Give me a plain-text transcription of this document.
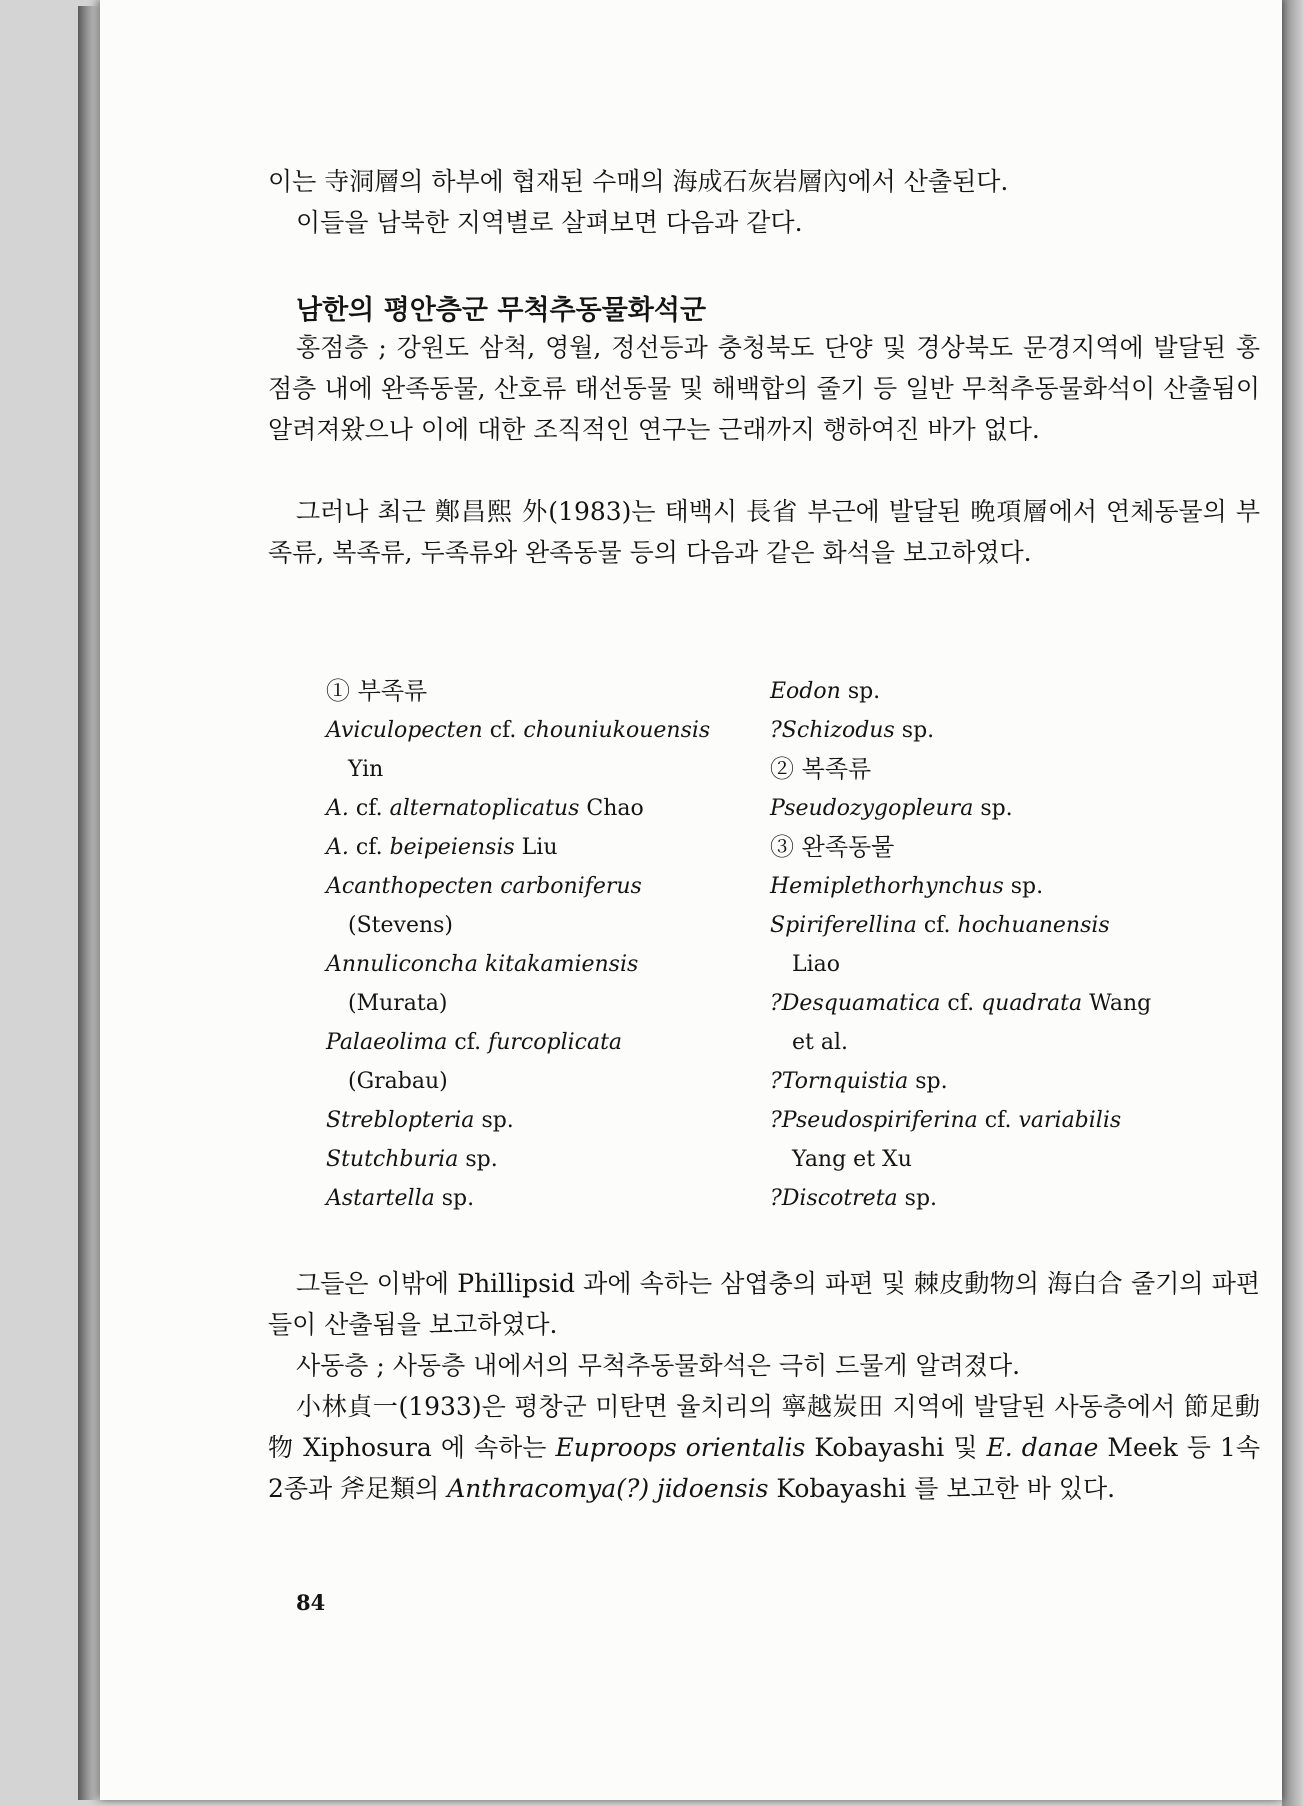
이는 寺洞層의 하부에 협재된 수매의 海成石灰岩層內에서 산출된다.
이들을 남북한 지역별로 살펴보면 다음과 같다.
남한의 평안층군 무척추동물화석군
홍점층 ; 강원도 삼척, 영월, 정선등과 충청북도 단양 및 경상북도 문경지역에 발달된 홍점층 내에 완족동물, 산호류 태선동물 및 해백합의 줄기 등 일반 무척추동물화석이 산출됨이 알려져왔으나 이에 대한 조직적인 연구는 근래까지 행하여진 바가 없다.
그러나 최근 鄭昌熙 外(1983)는 태백시 長省 부근에 발달된 晩項層에서 연체동물의 부족류, 복족류, 두족류와 완족동물 등의 다음과 같은 화석을 보고하였다.
① 부족류
Aviculopecten cf. chouniukouensis
Yin
A. cf. alternatoplicatus Chao
A. cf. beipeiensis Liu
Acanthopecten carboniferus
(Stevens)
Annuliconcha kitakamiensis
(Murata)
Palaeolima cf. furcoplicata
(Grabau)
Streblopteria sp.
Stutchburia sp.
Astartella sp.
Eodon sp.
?Schizodus sp.
② 복족류
Pseudozygopleura sp.
③ 완족동물
Hemiplethorhynchus sp.
Spiriferellina cf. hochuanensis
Liao
?Desquamatica cf. quadrata Wang
et al.
?Tornquistia sp.
?Pseudospiriferina cf. variabilis
Yang et Xu
?Discotreta sp.
그들은 이밖에 Phillipsid 과에 속하는 삼엽충의 파편 및 棘皮動物의 海白合 줄기의 파편들이 산출됨을 보고하였다.
사동층 ; 사동층 내에서의 무척추동물화석은 극히 드물게 알려졌다.
小林貞一(1933)은 평창군 미탄면 율치리의 寧越炭田 지역에 발달된 사동층에서 節足動物 Xiphosura 에 속하는 Euproops orientalis Kobayashi 및 E. danae Meek 등 1속 2종과 斧足類의 Anthracomya(?) jidoensis Kobayashi 를 보고한 바 있다.
84
